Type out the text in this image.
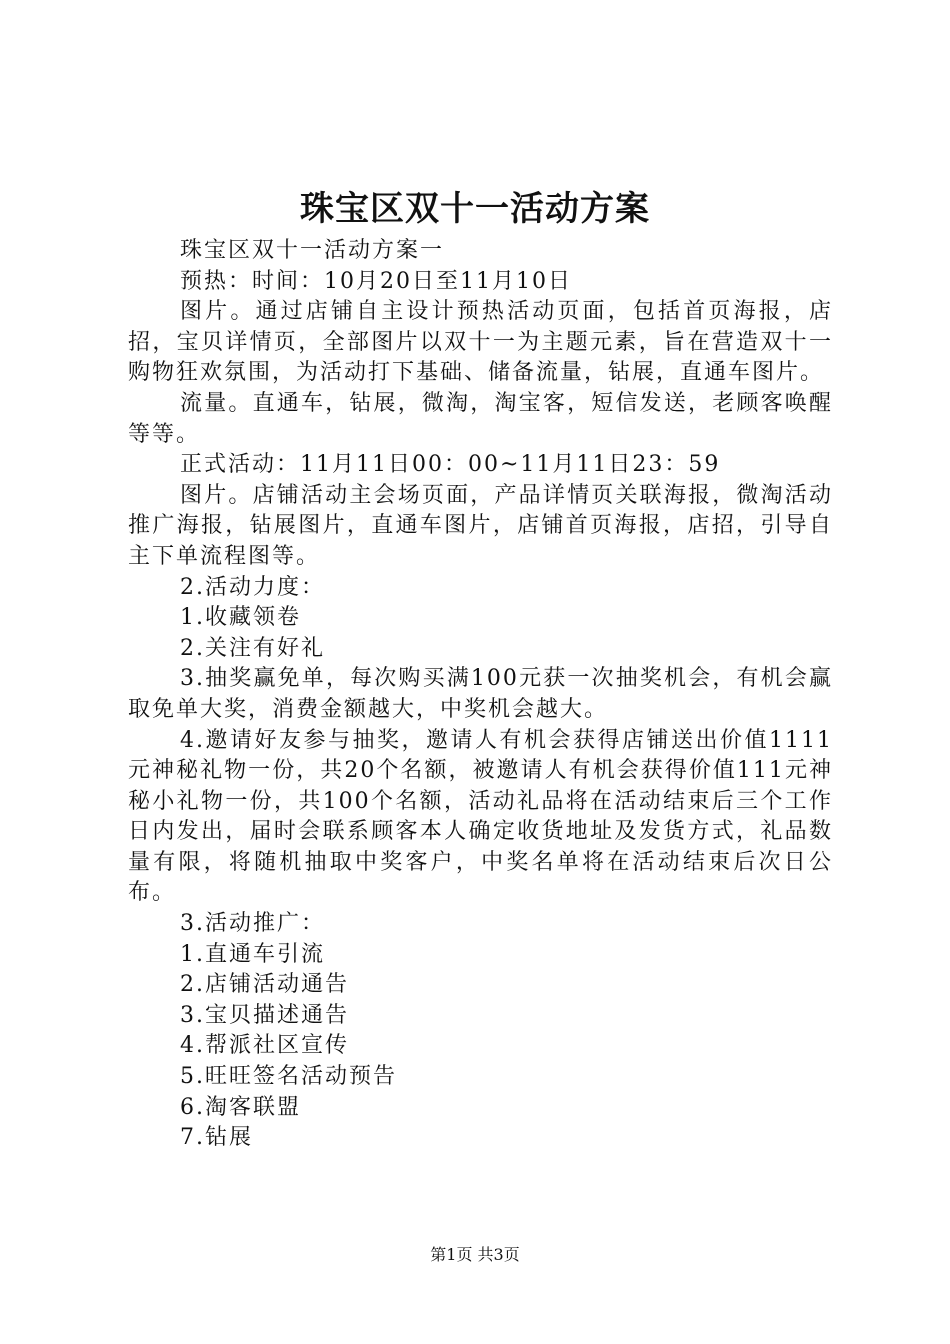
珠宝区双十一活动方案

珠宝区双十一活动方案一

预热：时间：10月20日至11月10日

图片。通过店铺自主设计预热活动页面，包括首页海报，店招，宝贝详情页，全部图片以双十一为主题元素，旨在营造双十一购物狂欢氛围，为活动打下基础、储备流量，钻展，直通车图片。

流量。直通车，钻展，微淘，淘宝客，短信发送，老顾客唤醒等等。

正式活动：11月11日00：00~11月11日23：59

图片。店铺活动主会场页面，产品详情页关联海报，微淘活动推广海报，钻展图片，直通车图片，店铺首页海报，店招，引导自主下单流程图等。

2.活动力度：

1.收藏领卷

2.关注有好礼

3.抽奖赢免单，每次购买满100元获一次抽奖机会，有机会赢取免单大奖，消费金额越大，中奖机会越大。

4.邀请好友参与抽奖，邀请人有机会获得店铺送出价值1111元神秘礼物一份，共20个名额，被邀请人有机会获得价值111元神秘小礼物一份，共100个名额，活动礼品将在活动结束后三个工作日内发出，届时会联系顾客本人确定收货地址及发货方式，礼品数量有限，将随机抽取中奖客户，中奖名单将在活动结束后次日公布。

3.活动推广：

1.直通车引流

2.店铺活动通告

3.宝贝描述通告

4.帮派社区宣传

5.旺旺签名活动预告

6.淘客联盟

7.钻展

第1页 共3页
